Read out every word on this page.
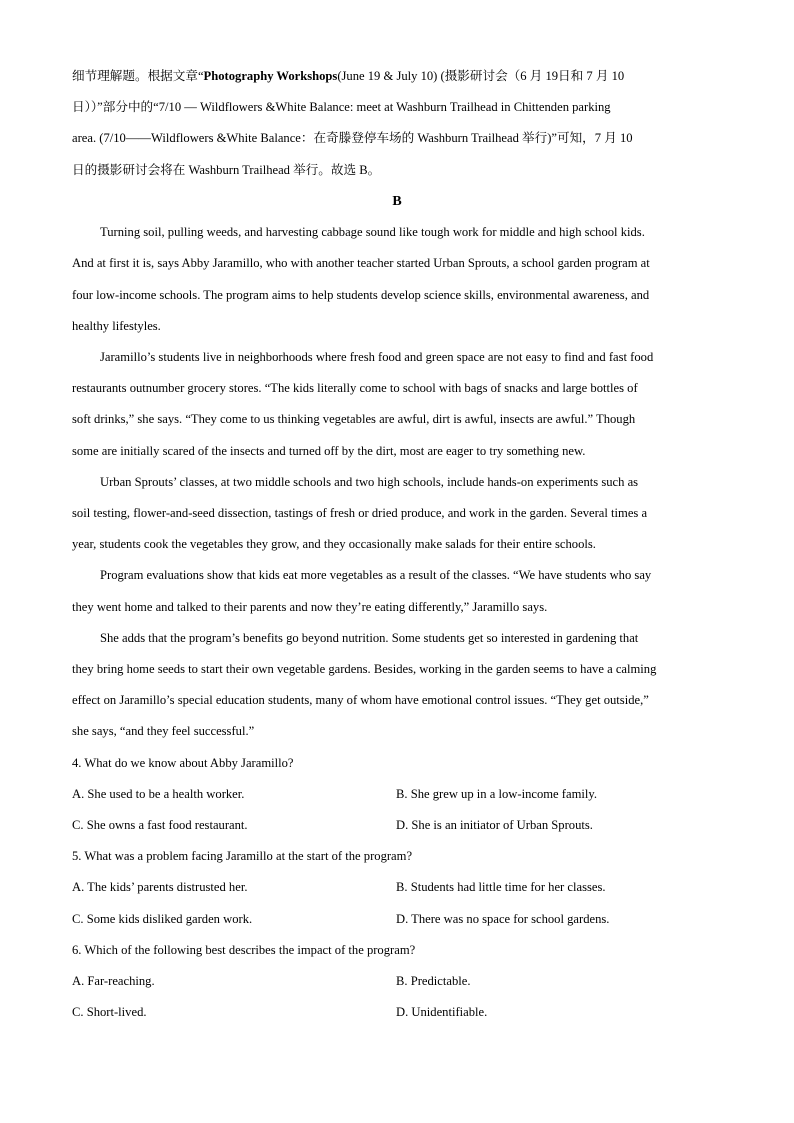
细节理解题。根据文章“Photography Workshops(June 19 & July 10) (摄影研讨会（6 月 19日和 7 月 10
日））”部分中的“7/10 — Wildflowers &White Balance: meet at Washburn Trailhead in Chittenden parking
area. (7/10——Wildflowers &White Balance：在奇滕登停车场的 Washburn Trailhead 举行)”可知，7 月 10
日的摄影研讨会将在 Washburn Trailhead 举行。故选 B。
B
Turning soil, pulling weeds, and harvesting cabbage sound like tough work for middle and high school kids.
And at first it is, says Abby Jaramillo, who with another teacher started Urban Sprouts, a school garden program at
four low-income schools. The program aims to help students develop science skills, environmental awareness, and
healthy lifestyles.
Jaramillo’s students live in neighborhoods where fresh food and green space are not easy to find and fast food
restaurants outnumber grocery stores. “The kids literally come to school with bags of snacks and large bottles of
soft drinks,” she says. “They come to us thinking vegetables are awful, dirt is awful, insects are awful.” Though
some are initially scared of the insects and turned off by the dirt, most are eager to try something new.
Urban Sprouts’ classes, at two middle schools and two high schools, include hands-on experiments such as
soil testing, flower-and-seed dissection, tastings of fresh or dried produce, and work in the garden. Several times a
year, students cook the vegetables they grow, and they occasionally make salads for their entire schools.
Program evaluations show that kids eat more vegetables as a result of the classes. “We have students who say
they went home and talked to their parents and now they’re eating differently,” Jaramillo says.
She adds that the program’s benefits go beyond nutrition. Some students get so interested in gardening that
they bring home seeds to start their own vegetable gardens. Besides, working in the garden seems to have a calming
effect on Jaramillo’s special education students, many of whom have emotional control issues. “They get outside,”
she says, “and they feel successful.”
4. What do we know about Abby Jaramillo?
A. She used to be a health worker.	B. She grew up in a low-income family.
C. She owns a fast food restaurant.	D. She is an initiator of Urban Sprouts.
5. What was a problem facing Jaramillo at the start of the program?
A. The kids’ parents distrusted her.	B. Students had little time for her classes.
C. Some kids disliked garden work.	D. There was no space for school gardens.
6. Which of the following best describes the impact of the program?
A. Far-reaching.	B. Predictable.
C. Short-lived.	D. Unidentifiable.
